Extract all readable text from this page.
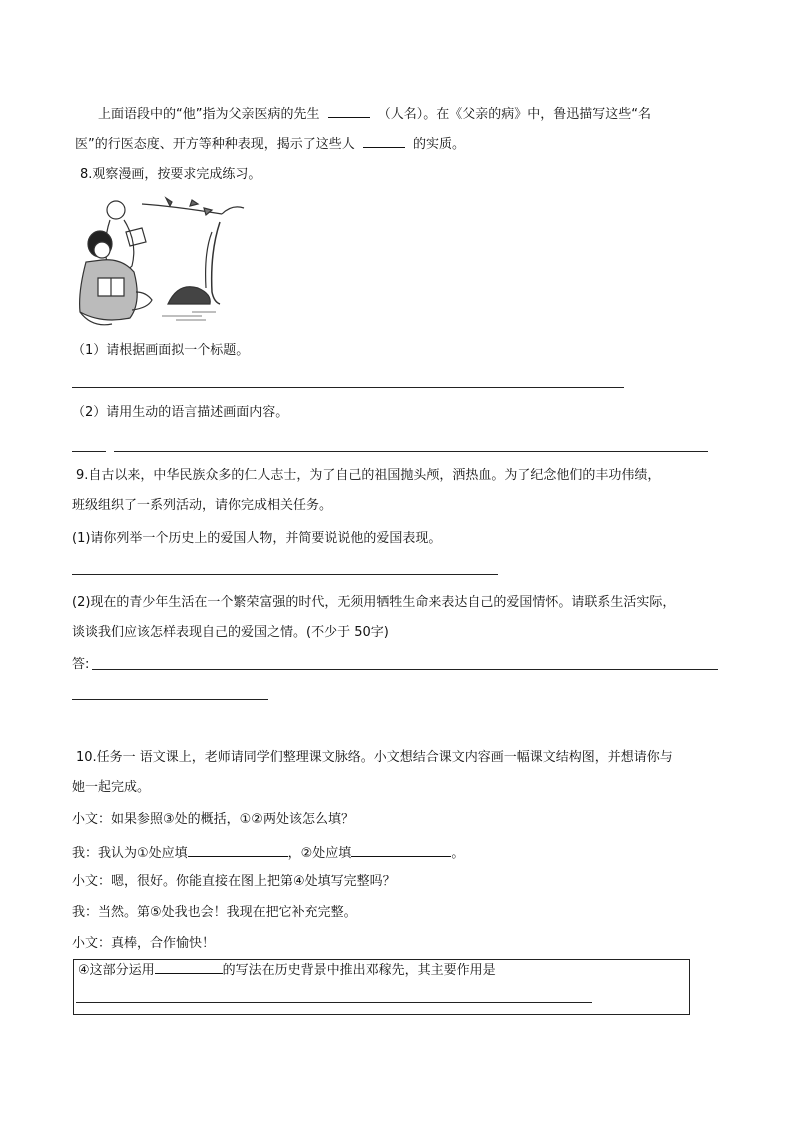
上面语段中的“他”指为父亲医病的先生	（人名）。在《父亲的病》中，鲁迅描写这些“名
医”的行医态度、开方等种种表现，揭示了这些人	的实质。
8.观察漫画，按要求完成练习。
（1）请根据画面拟一个标题。
（2）请用生动的语言描述画面内容。
9.自古以来，中华民族众多的仁人志士，为了自己的祖国抛头颅，洒热血。为了纪念他们的丰功伟绩，
班级组织了一系列活动，请你完成相关任务。
(1)请你列举一个历史上的爱国人物，并简要说说他的爱国表现。
(2)现在的青少年生活在一个繁荣富强的时代，无须用牺牲生命来表达自己的爱国情怀。请联系生活实际，
谈谈我们应该怎样表现自己的爱国之情。(不少于 50字)
答:
10.任务一 语文课上，老师请同学们整理课文脉络。小文想结合课文内容画一幅课文结构图，并想请你与
她一起完成。
小文：如果参照③处的概括，①②两处该怎么填？
我：我认为①处应填	，②处应填	。
小文：嗯，很好。你能直接在图上把第④处填写完整吗？
我：当然。第⑤处我也会！我现在把它补充完整。
小文：真棒，合作愉快！
④这部分运用	的写法在历史背景中推出邓稼先，其主要作用是
